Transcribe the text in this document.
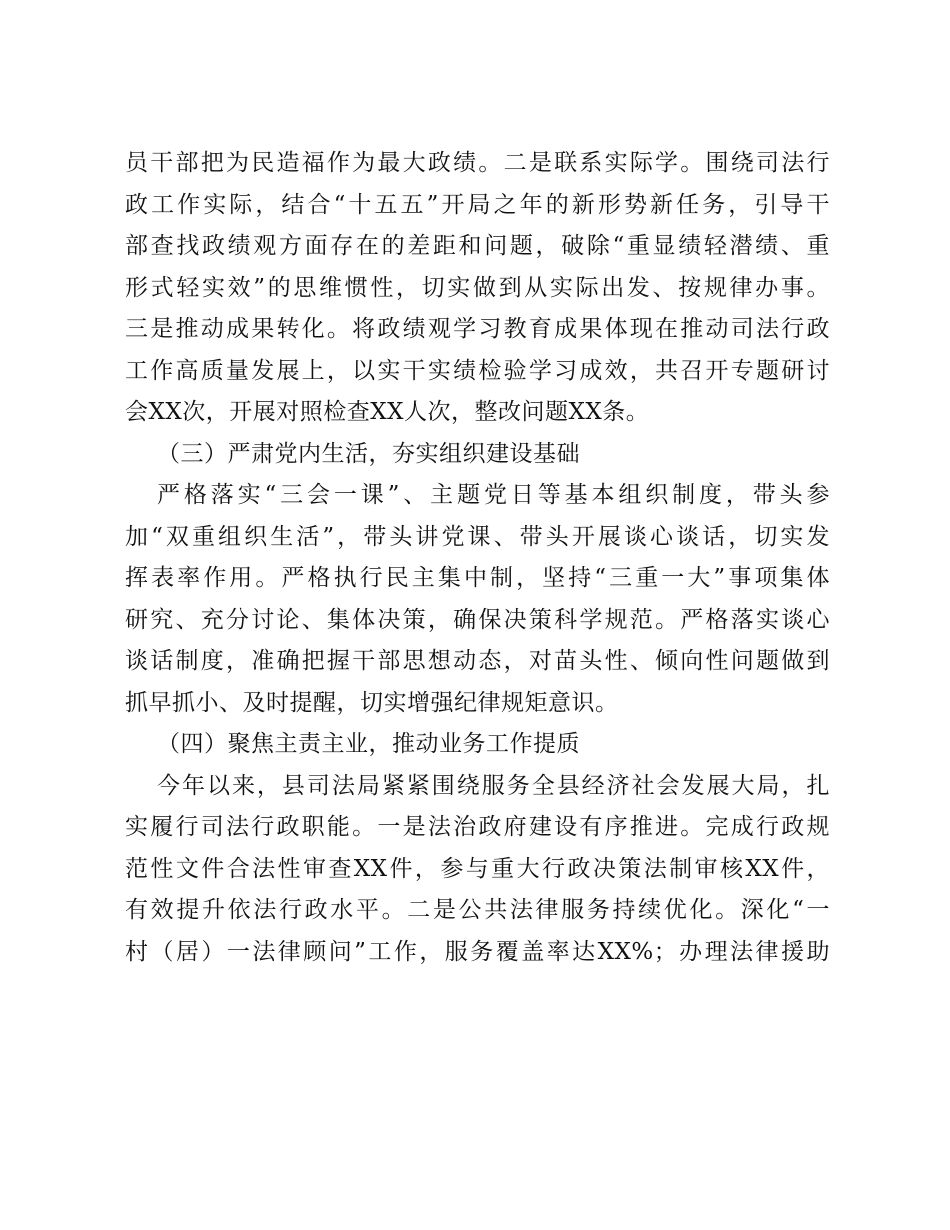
员干部把为民造福作为最大政绩。二是联系实际学。围绕司法行
政工作实际，结合“十五五”开局之年的新形势新任务，引导干
部查找政绩观方面存在的差距和问题，破除“重显绩轻潜绩、重
形式轻实效”的思维惯性，切实做到从实际出发、按规律办事。
三是推动成果转化。将政绩观学习教育成果体现在推动司法行政
工作高质量发展上，以实干实绩检验学习成效，共召开专题研讨
会XX次，开展对照检查XX人次，整改问题XX条。
（三）严肃党内生活，夯实组织建设基础
严格落实“三会一课”、主题党日等基本组织制度，带头参
加“双重组织生活”，带头讲党课、带头开展谈心谈话，切实发
挥表率作用。严格执行民主集中制，坚持“三重一大”事项集体
研究、充分讨论、集体决策，确保决策科学规范。严格落实谈心
谈话制度，准确把握干部思想动态，对苗头性、倾向性问题做到
抓早抓小、及时提醒，切实增强纪律规矩意识。
（四）聚焦主责主业，推动业务工作提质
今年以来，县司法局紧紧围绕服务全县经济社会发展大局，扎
实履行司法行政职能。一是法治政府建设有序推进。完成行政规
范性文件合法性审查XX件，参与重大行政决策法制审核XX件，
有效提升依法行政水平。二是公共法律服务持续优化。深化“一
村（居）一法律顾问”工作，服务覆盖率达XX%；办理法律援助
